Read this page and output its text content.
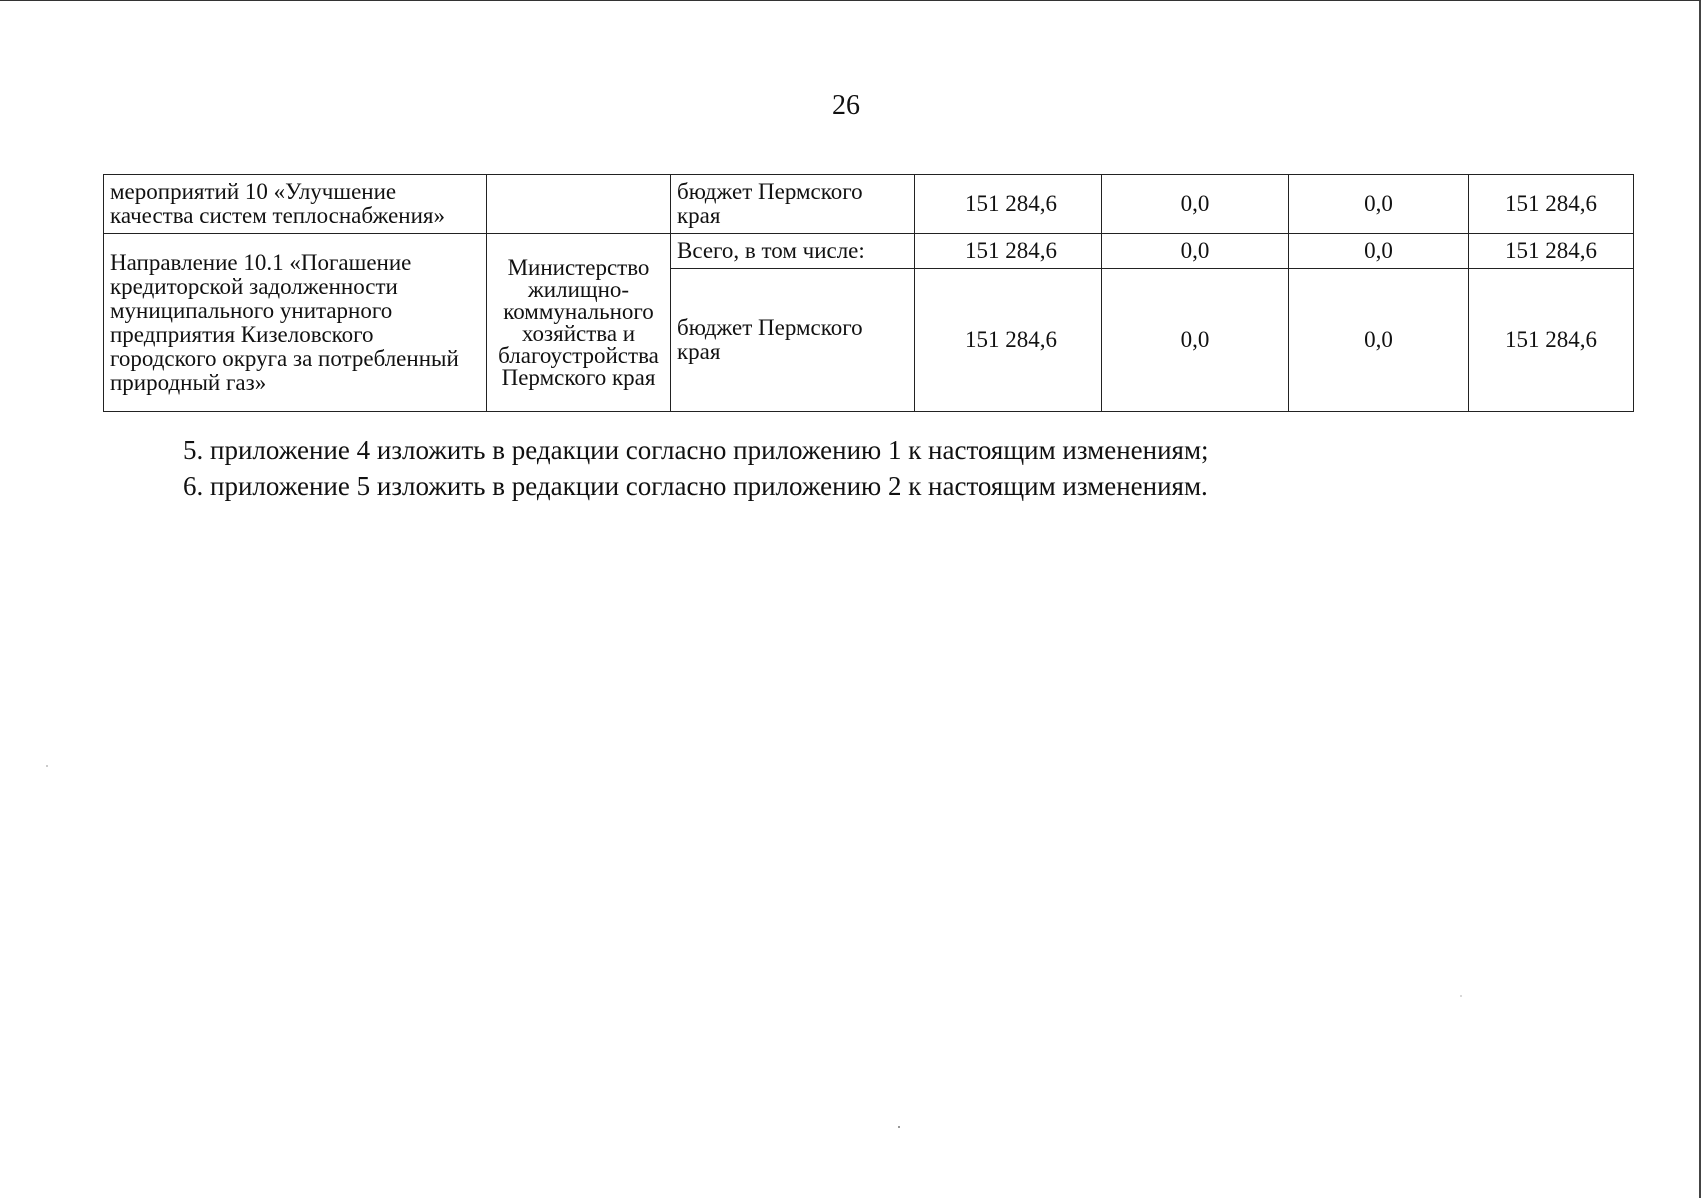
26
мероприятий 10 «Улучшение качества систем теплоснабжения»		бюджет Пермского края	151 284,6	0,0	0,0	151 284,6
Направление 10.1 «Погашение кредиторской задолженности муниципального унитарного предприятия Кизеловского городского округа за потребленный природный газ»	Министерство жилищно-коммунального хозяйства и благоустройства Пермского края	Всего, в том числе:	151 284,6	0,0	0,0	151 284,6
		бюджет Пермского края	151 284,6	0,0	0,0	151 284,6
5. приложение 4 изложить в редакции согласно приложению 1 к настоящим изменениям;
6. приложение 5 изложить в редакции согласно приложению 2 к настоящим изменениям.
